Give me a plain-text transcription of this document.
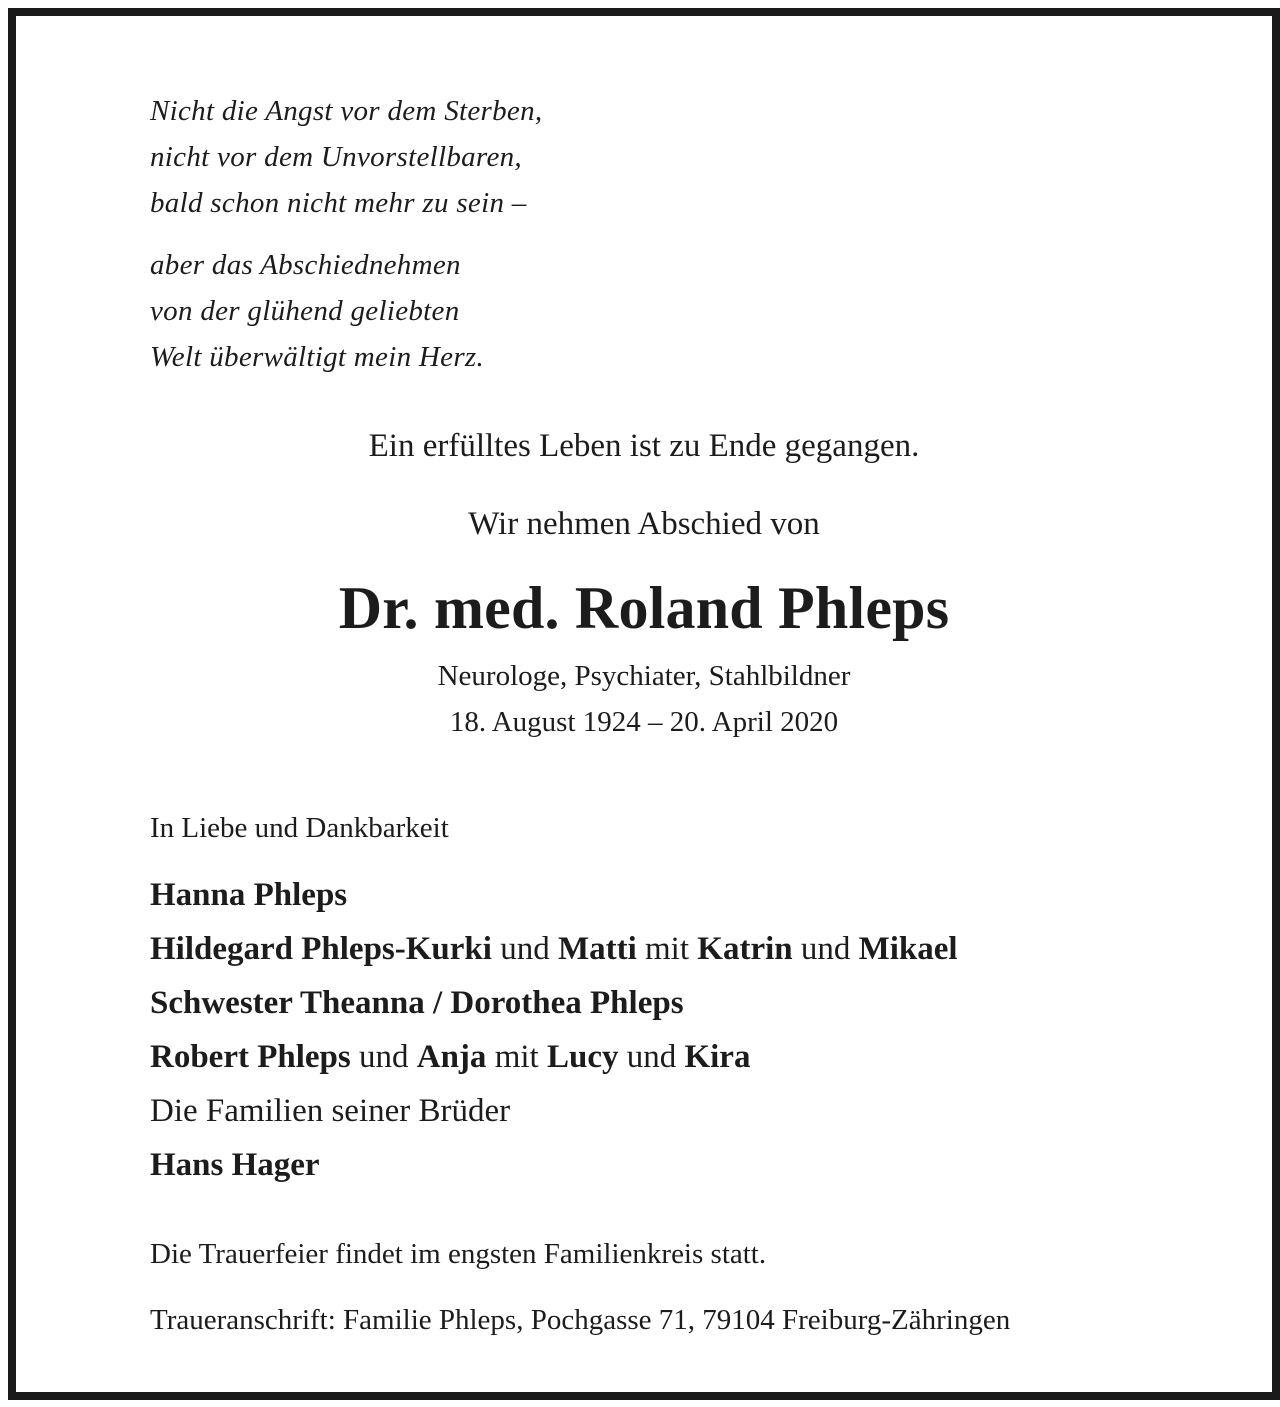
Nicht die Angst vor dem Sterben,
nicht vor dem Unvorstellbaren,
bald schon nicht mehr zu sein –
aber das Abschiednehmen
von der glühend geliebten
Welt überwältigt mein Herz.
Ein erfülltes Leben ist zu Ende gegangen.
Wir nehmen Abschied von
Dr. med. Roland Phleps
Neurologe, Psychiater, Stahlbildner
18. August 1924 – 20. April 2020
In Liebe und Dankbarkeit
Hanna Phleps
Hildegard Phleps-Kurki und Matti mit Katrin und Mikael
Schwester Theanna / Dorothea Phleps
Robert Phleps und Anja mit Lucy und Kira
Die Familien seiner Brüder
Hans Hager
Die Trauerfeier findet im engsten Familienkreis statt.
Traueranschrift: Familie Phleps, Pochgasse 71, 79104 Freiburg-Zähringen
